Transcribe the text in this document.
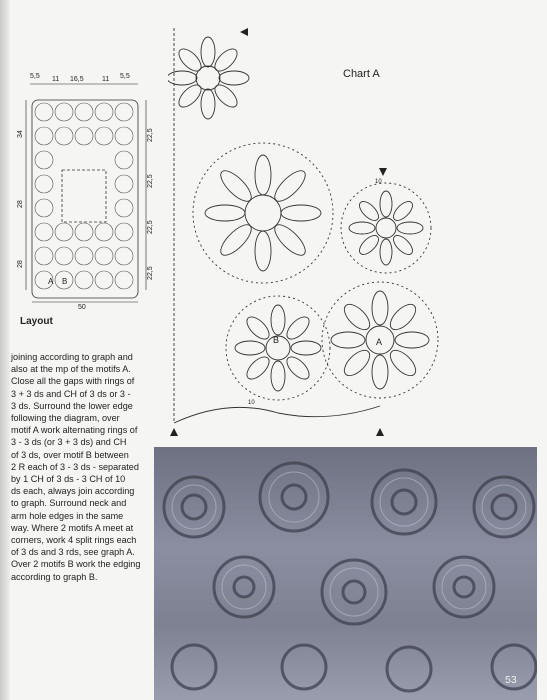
5,5 11 16,5	11 5,5
34
28
28
22,5
22,5
22,5
22,5
A B
50
Layout
joining according to graph and
also at the mp of the motifs A.
Close all the gaps with rings of
3 + 3 ds and CH of 3 ds or 3 -
3 ds. Surround the lower edge
following the diagram, over
motif A work alternating rings of
3 - 3 ds (or 3 + 3 ds) and CH
of 3 ds, over motif B between
2 R each of 3 - 3 ds - separated
by 1 CH of 3 ds - 3 CH of 10
ds each, always join according
to graph. Surround neck and
arm hole edges in the same
way. Where 2 motifs A meet at
corners, work 4 split rings each
of 3 ds and 3 rds, see graph A.
Over 2 motifs B work the edging
according to graph B.
Chart A
B	A
10
10
53
